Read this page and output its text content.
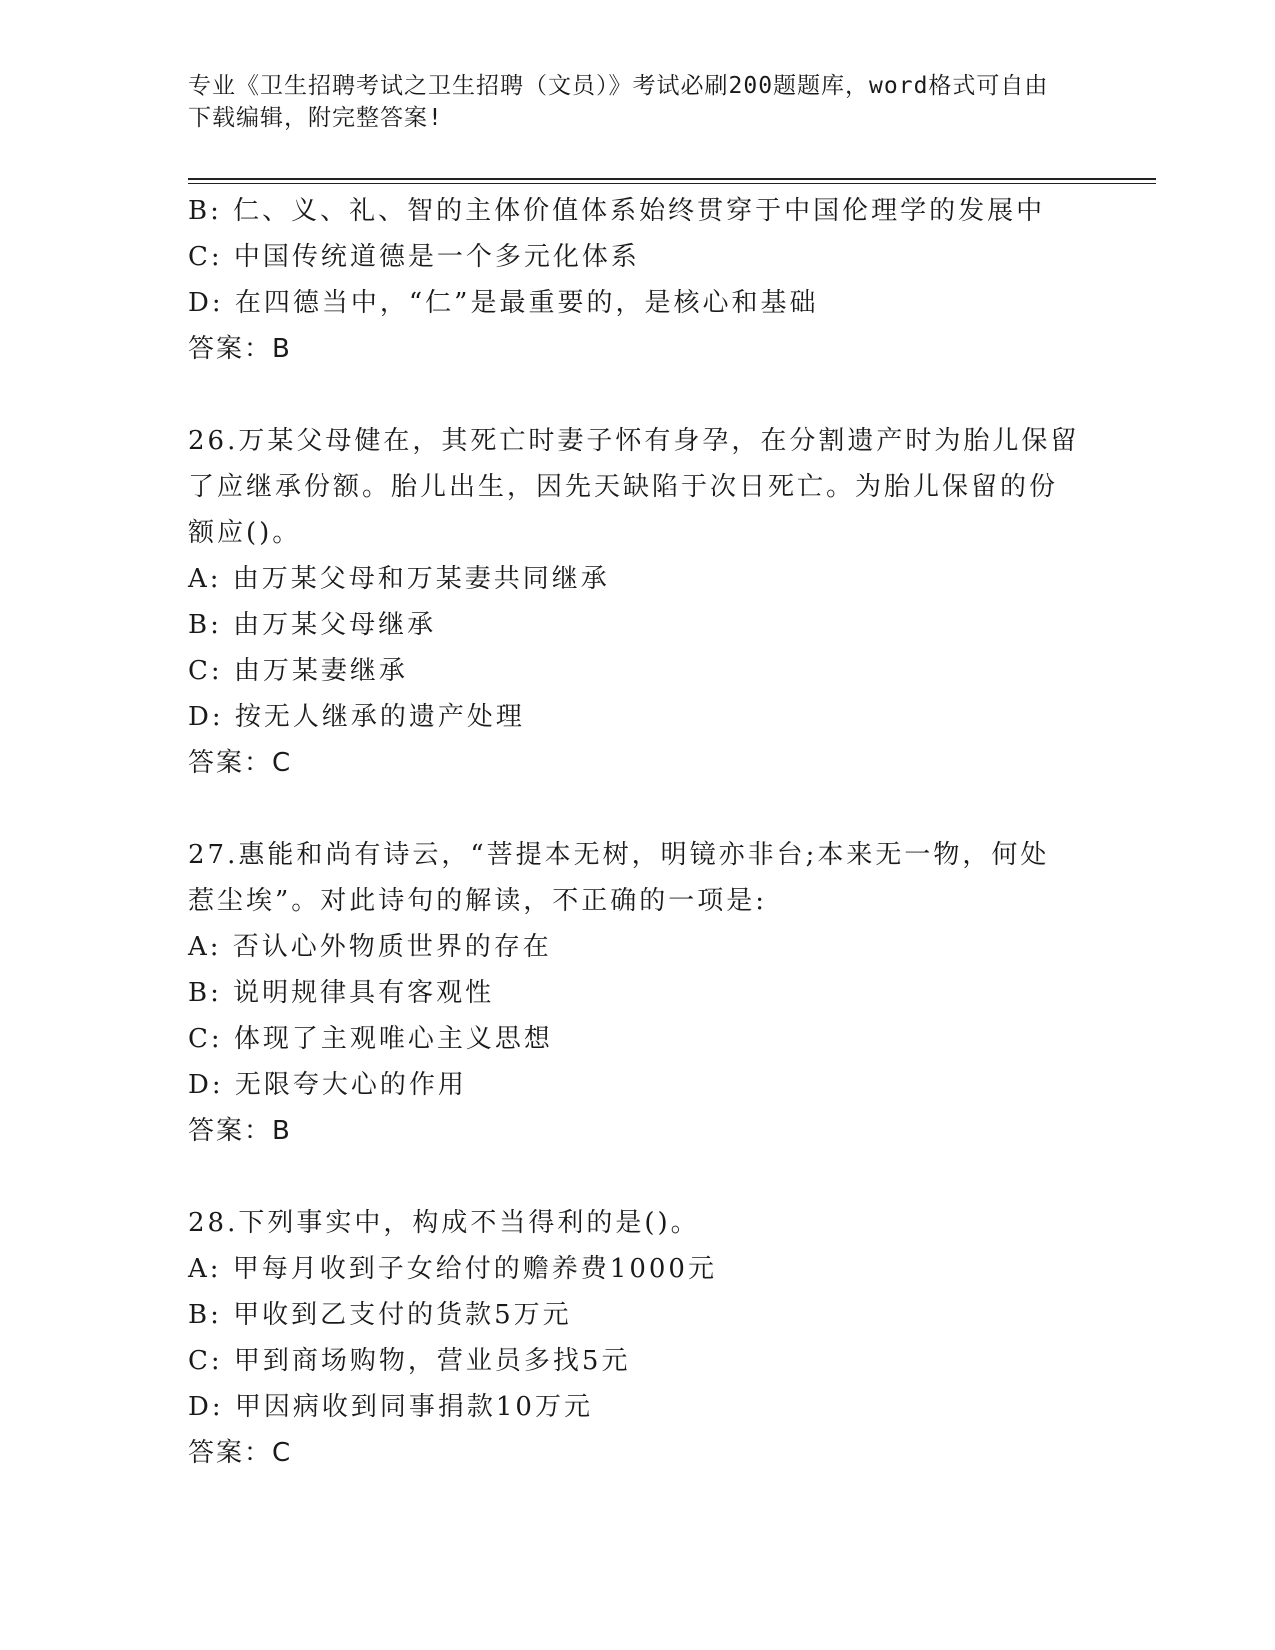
专业《卫生招聘考试之卫生招聘（文员）》考试必刷200题题库，word格式可自由下载编辑，附完整答案!
B: 仁、义、礼、智的主体价值体系始终贯穿于中国伦理学的发展中
C: 中国传统道德是一个多元化体系
D: 在四德当中，“仁”是最重要的，是核心和基础
答案：B
26.万某父母健在，其死亡时妻子怀有身孕，在分割遗产时为胎儿保留
了应继承份额。胎儿出生，因先天缺陷于次日死亡。为胎儿保留的份
额应()。
A: 由万某父母和万某妻共同继承
B: 由万某父母继承
C: 由万某妻继承
D: 按无人继承的遗产处理
答案：C
27.惠能和尚有诗云，“菩提本无树，明镜亦非台;本来无一物，何处
惹尘埃”。对此诗句的解读，不正确的一项是:
A: 否认心外物质世界的存在
B: 说明规律具有客观性
C: 体现了主观唯心主义思想
D: 无限夸大心的作用
答案：B
28.下列事实中，构成不当得利的是()。
A: 甲每月收到子女给付的赡养费1000元
B: 甲收到乙支付的货款5万元
C: 甲到商场购物，营业员多找5元
D: 甲因病收到同事捐款10万元
答案：C
